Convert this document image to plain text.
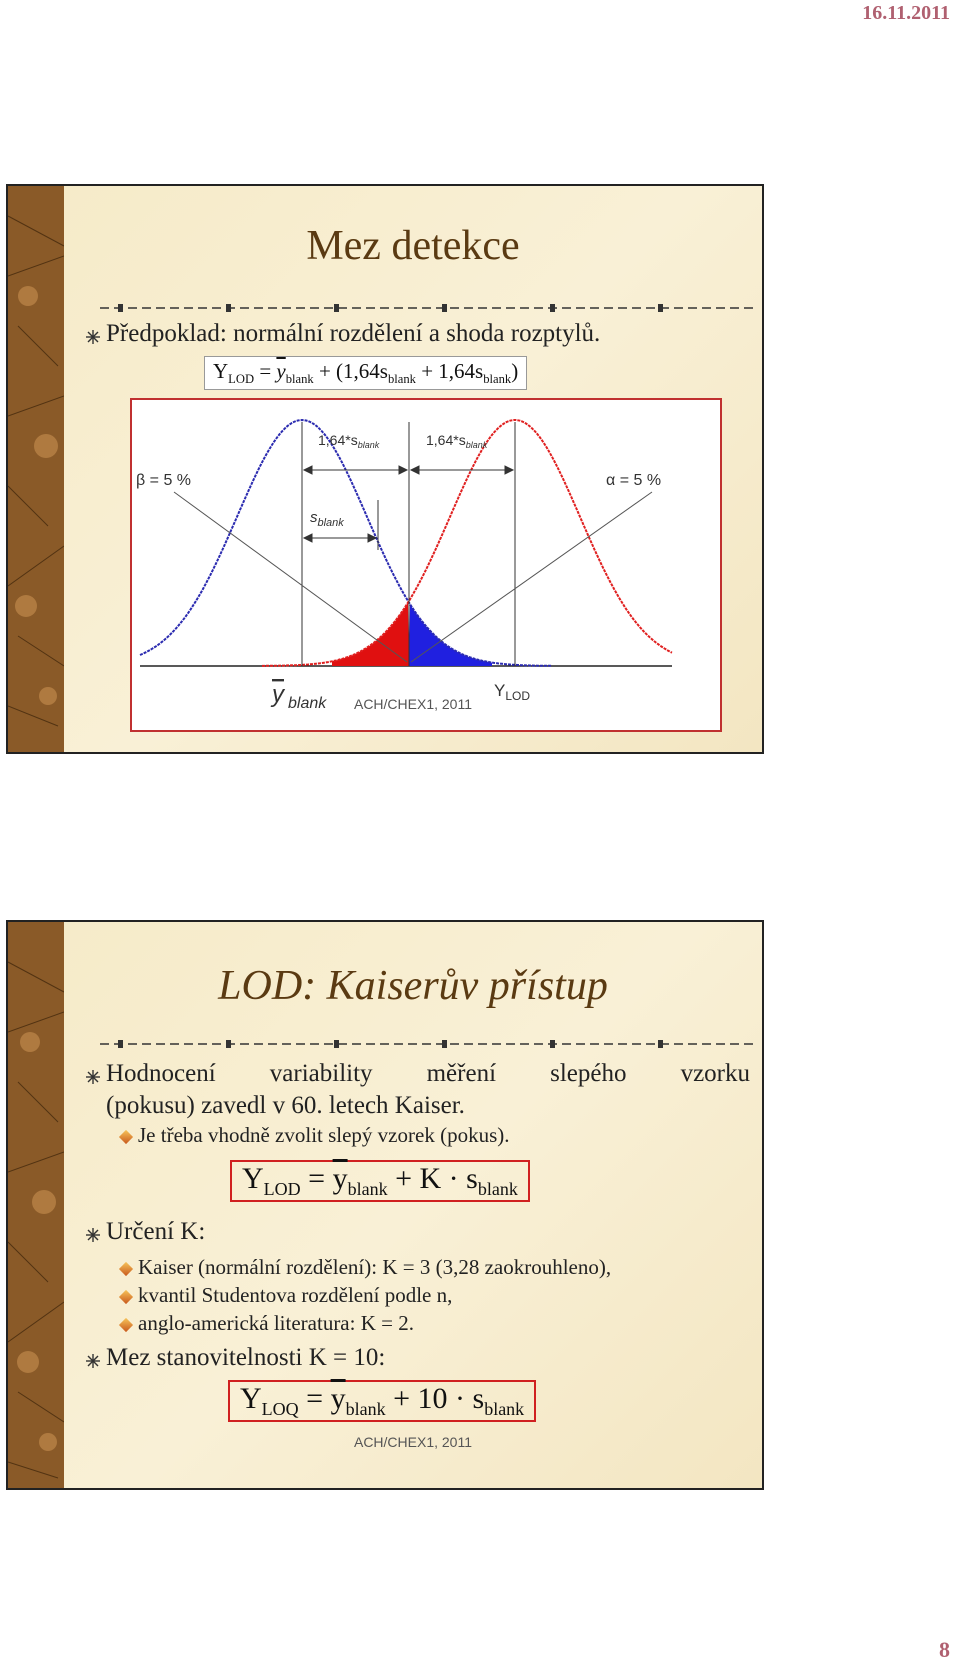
16.11.2011
Mez detekce
Předpoklad: normální rozdělení a shoda rozptylů.
$Y_{LOD} = \overline{y}_{blank} + (1,64s_{blank} + 1,64s_{blank})$
β = 5 %	α = 5 %
$1,64*s_{blank}$	$1,64*s_{blank}$
$s_{blank}$
y blank
$Y_{LOD}$
ACH/CHEX1, 2011
LOD: Kaiserův přístup
Hodnocení variability měření slepého vzorku
(pokusu) zavedl v 60. letech Kaiser.
Je třeba vhodně zvolit slepý vzorek (pokus).
$Y_{LOD} = \overline{y}_{blank} + K \cdot s_{blank}$
Určení K:
Kaiser (normální rozdělení): K = 3 (3,28 zaokrouhleno),
kvantil Studentova rozdělení podle n,
anglo-americká literatura: K = 2.
Mez stanovitelnosti K = 10:
$Y_{LOQ} = \overline{y}_{blank} + 10 \cdot s_{blank}$
ACH/CHEX1, 2011
8
